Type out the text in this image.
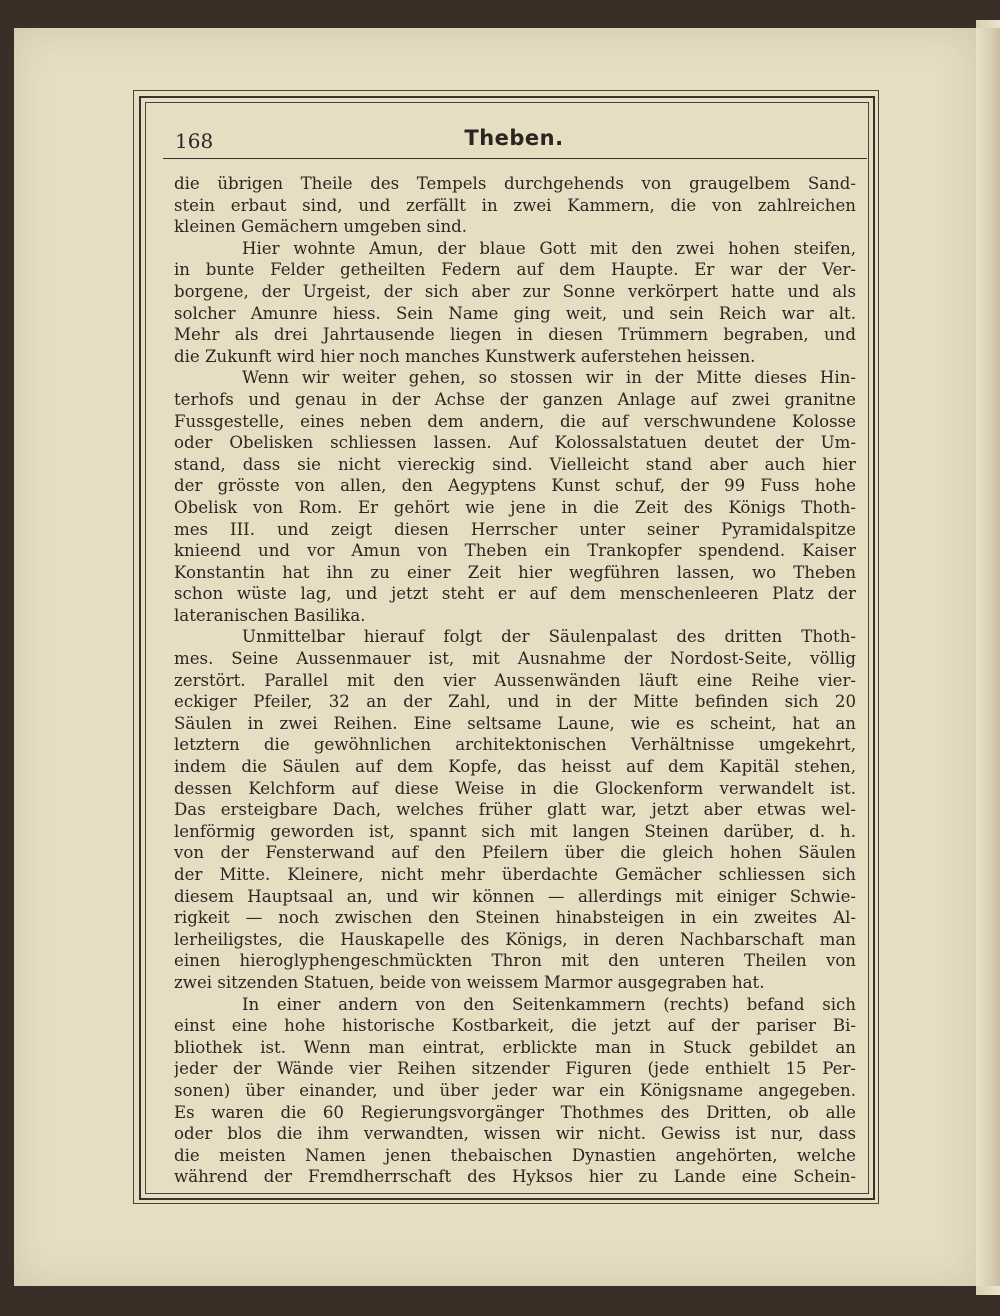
168	Theben.
die übrigen Theile des Tempels durchgehends von graugelbem Sand-
stein erbaut sind, und zerfällt in zwei Kammern, die von zahlreichen
kleinen Gemächern umgeben sind.
Hier wohnte Amun, der blaue Gott mit den zwei hohen steifen,
in bunte Felder getheilten Federn auf dem Haupte. Er war der Ver-
borgene, der Urgeist, der sich aber zur Sonne verkörpert hatte und als
solcher Amunre hiess. Sein Name ging weit, und sein Reich war alt.
Mehr als drei Jahrtausende liegen in diesen Trümmern begraben, und
die Zukunft wird hier noch manches Kunstwerk auferstehen heissen.
Wenn wir weiter gehen, so stossen wir in der Mitte dieses Hin-
terhofs und genau in der Achse der ganzen Anlage auf zwei granitne
Fussgestelle, eines neben dem andern, die auf verschwundene Kolosse
oder Obelisken schliessen lassen. Auf Kolossalstatuen deutet der Um-
stand, dass sie nicht viereckig sind. Vielleicht stand aber auch hier
der grösste von allen, den Aegyptens Kunst schuf, der 99 Fuss hohe
Obelisk von Rom. Er gehört wie jene in die Zeit des Königs Thoth-
mes III. und zeigt diesen Herrscher unter seiner Pyramidalspitze
knieend und vor Amun von Theben ein Trankopfer spendend. Kaiser
Konstantin hat ihn zu einer Zeit hier wegführen lassen, wo Theben
schon wüste lag, und jetzt steht er auf dem menschenleeren Platz der
lateranischen Basilika.
Unmittelbar hierauf folgt der Säulenpalast des dritten Thoth-
mes. Seine Aussenmauer ist, mit Ausnahme der Nordost-Seite, völlig
zerstört. Parallel mit den vier Aussenwänden läuft eine Reihe vier-
eckiger Pfeiler, 32 an der Zahl, und in der Mitte befinden sich 20
Säulen in zwei Reihen. Eine seltsame Laune, wie es scheint, hat an
letztern die gewöhnlichen architektonischen Verhältnisse umgekehrt,
indem die Säulen auf dem Kopfe, das heisst auf dem Kapitäl stehen,
dessen Kelchform auf diese Weise in die Glockenform verwandelt ist.
Das ersteigbare Dach, welches früher glatt war, jetzt aber etwas wel-
lenförmig geworden ist, spannt sich mit langen Steinen darüber, d. h.
von der Fensterwand auf den Pfeilern über die gleich hohen Säulen
der Mitte. Kleinere, nicht mehr überdachte Gemächer schliessen sich
diesem Hauptsaal an, und wir können — allerdings mit einiger Schwie-
rigkeit — noch zwischen den Steinen hinabsteigen in ein zweites Al-
lerheiligstes, die Hauskapelle des Königs, in deren Nachbarschaft man
einen hieroglyphengeschmückten Thron mit den unteren Theilen von
zwei sitzenden Statuen, beide von weissem Marmor ausgegraben hat.
In einer andern von den Seitenkammern (rechts) befand sich
einst eine hohe historische Kostbarkeit, die jetzt auf der pariser Bi-
bliothek ist. Wenn man eintrat, erblickte man in Stuck gebildet an
jeder der Wände vier Reihen sitzender Figuren (jede enthielt 15 Per-
sonen) über einander, und über jeder war ein Königsname angegeben.
Es waren die 60 Regierungsvorgänger Thothmes des Dritten, ob alle
oder blos die ihm verwandten, wissen wir nicht. Gewiss ist nur, dass
die meisten Namen jenen thebaischen Dynastien angehörten, welche
während der Fremdherrschaft des Hyksos hier zu Lande eine Schein-
